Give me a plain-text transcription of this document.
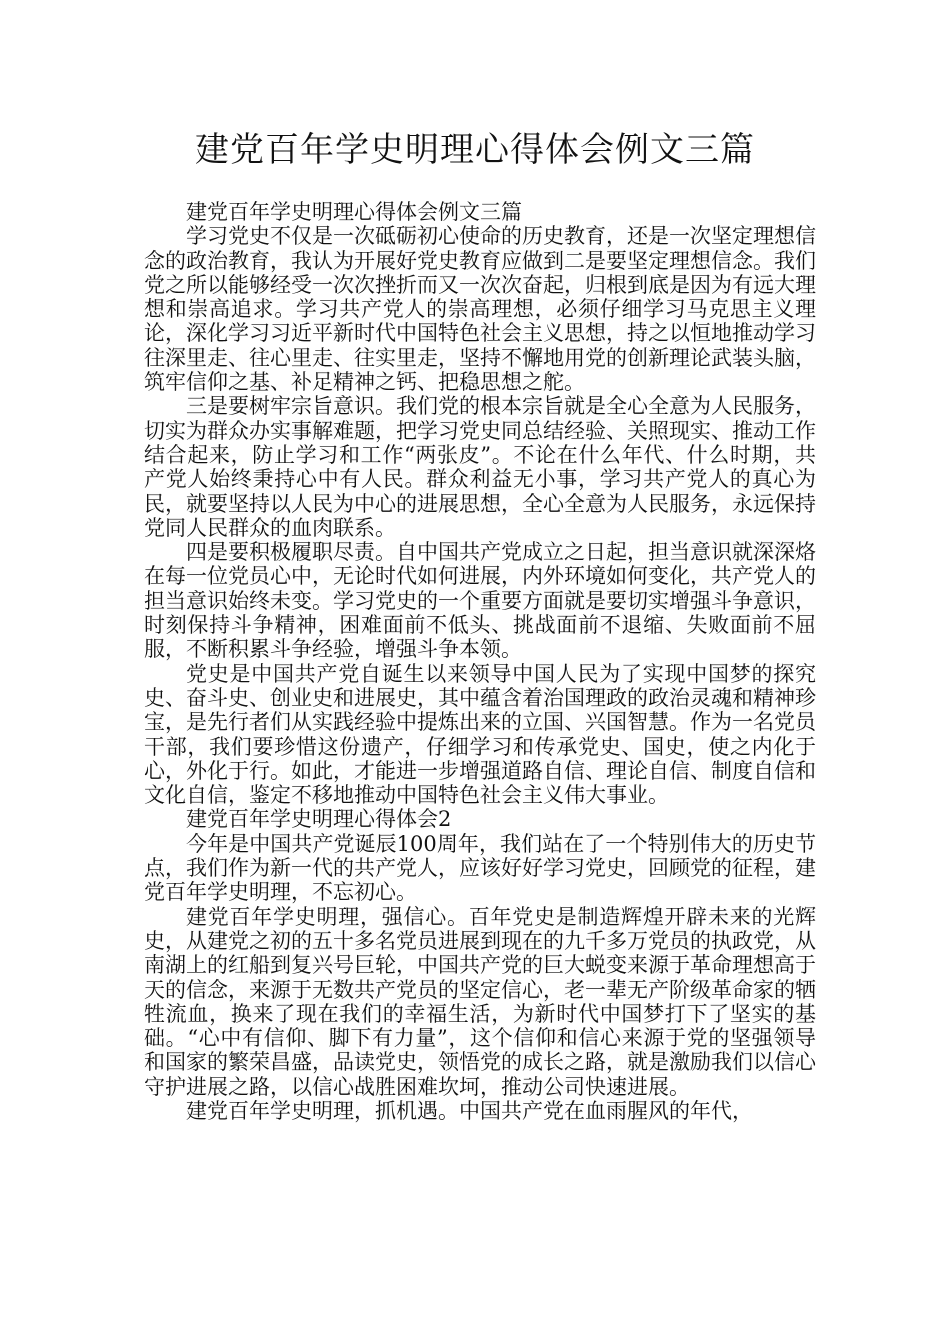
建党百年学史明理心得体会例文三篇

建党百年学史明理心得体会例文三篇

学习党史不仅是一次砥砺初心使命的历史教育，还是一次坚定理想信念的政治教育，我认为开展好党史教育应做到二是要坚定理想信念。我们党之所以能够经受一次次挫折而又一次次奋起，归根到底是因为有远大理想和崇高追求。学习共产党人的崇高理想，必须仔细学习马克思主义理论，深化学习习近平新时代中国特色社会主义思想，持之以恒地推动学习往深里走、往心里走、往实里走，坚持不懈地用党的创新理论武装头脑，筑牢信仰之基、补足精神之钙、把稳思想之舵。

三是要树牢宗旨意识。我们党的根本宗旨就是全心全意为人民服务，切实为群众办实事解难题，把学习党史同总结经验、关照现实、推动工作结合起来，防止学习和工作“两张皮”。不论在什么年代、什么时期，共产党人始终秉持心中有人民。群众利益无小事，学习共产党人的真心为民，就要坚持以人民为中心的进展思想，全心全意为人民服务，永远保持党同人民群众的血肉联系。

四是要积极履职尽责。自中国共产党成立之日起，担当意识就深深烙在每一位党员心中，无论时代如何进展，内外环境如何变化，共产党人的担当意识始终未变。学习党史的一个重要方面就是要切实增强斗争意识，时刻保持斗争精神，困难面前不低头、挑战面前不退缩、失败面前不屈服，不断积累斗争经验，增强斗争本领。

党史是中国共产党自诞生以来领导中国人民为了实现中国梦的探究史、奋斗史、创业史和进展史，其中蕴含着治国理政的政治灵魂和精神珍宝，是先行者们从实践经验中提炼出来的立国、兴国智慧。作为一名党员干部，我们要珍惜这份遗产，仔细学习和传承党史、国史，使之内化于心，外化于行。如此，才能进一步增强道路自信、理论自信、制度自信和文化自信，鉴定不移地推动中国特色社会主义伟大事业。

建党百年学史明理心得体会2

今年是中国共产党诞辰100周年，我们站在了一个特别伟大的历史节点，我们作为新一代的共产党人，应该好好学习党史，回顾党的征程，建党百年学史明理，不忘初心。

建党百年学史明理，强信心。百年党史是制造辉煌开辟未来的光辉史，从建党之初的五十多名党员进展到现在的九千多万党员的执政党，从南湖上的红船到复兴号巨轮，中国共产党的巨大蜕变来源于革命理想高于天的信念，来源于无数共产党员的坚定信心，老一辈无产阶级革命家的牺牲流血，换来了现在我们的幸福生活，为新时代中国梦打下了坚实的基础。“心中有信仰、脚下有力量”，这个信仰和信心来源于党的坚强领导和国家的繁荣昌盛，品读党史，领悟党的成长之路，就是激励我们以信心守护进展之路，以信心战胜困难坎坷，推动公司快速进展。

建党百年学史明理，抓机遇。中国共产党在血雨腥风的年代，
